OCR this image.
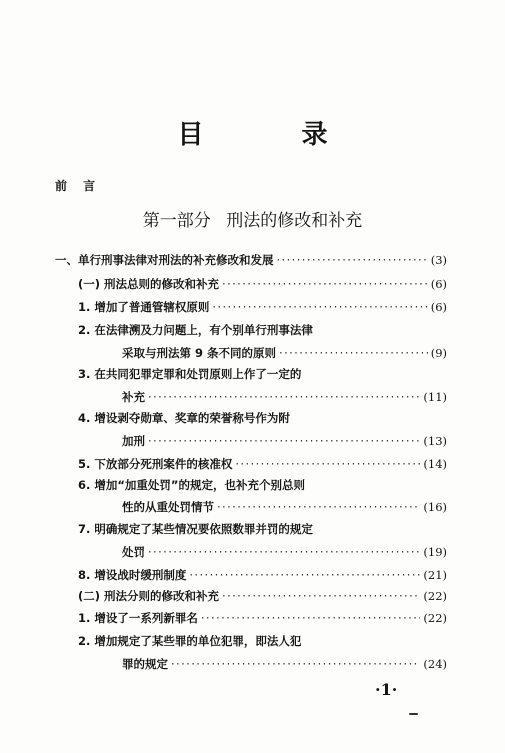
目	录
前 言
第一部分 刑法的修改和补充
一、单行刑事法律对刑法的补充修改和发展 ·····	(3)
(一) 刑法总则的修改和补充 ·····	(6)
1. 增加了普通管辖权原则 ·····	(6)
2. 在法律溯及力问题上，有个别单行刑事法律
采取与刑法第 9 条不同的原则 ·····	(9)
3. 在共同犯罪定罪和处罚原则上作了一定的
补充 ·····	(11)
4. 增设剥夺勋章、奖章的荣誉称号作为附
加刑 ·····	(13)
5. 下放部分死刑案件的核准权 ·····	(14)
6. 增加“加重处罚”的规定，也补充个别总则
性的从重处罚情节 ·····	(16)
7. 明确规定了某些情况要依照数罪并罚的规定
处罚 ·····	(19)
8. 增设战时缓刑制度 ·····	(21)
(二) 刑法分则的修改和补充 ·····	(22)
1. 增设了一系列新罪名 ·····	(22)
2. 增加规定了某些罪的单位犯罪，即法人犯
罪的规定 ·····	(24)
·1·
